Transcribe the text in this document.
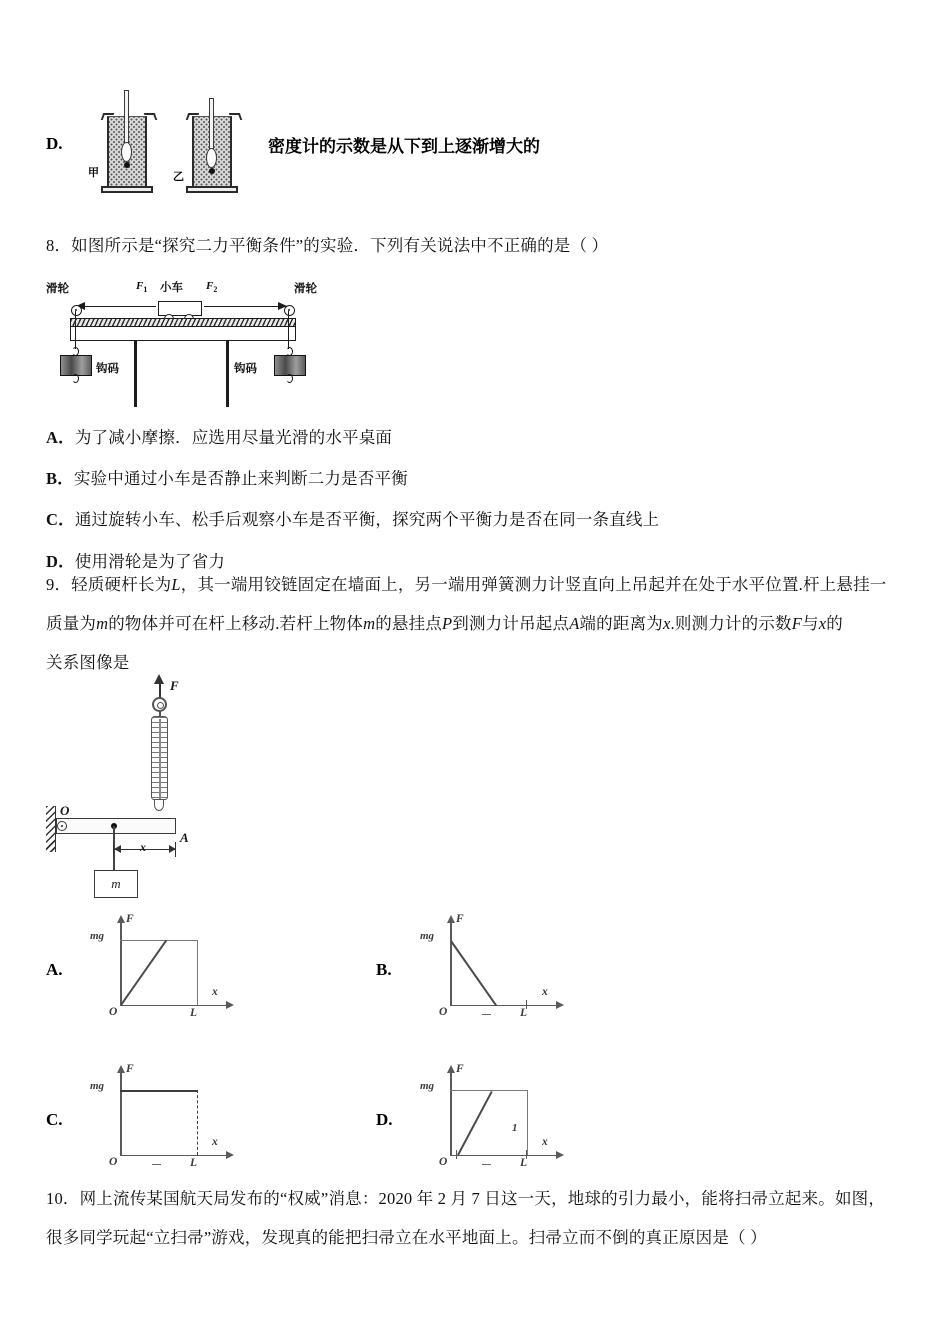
D.
甲	乙
密度计的示数是从下到上逐渐增大的
8．如图所示是“探究二力平衡条件”的实验．下列有关说法中不正确的是（ ）
滑轮	滑轮
$F_1$ 小车 $F_2$
钩码	钩码
A．为了减小摩擦．应选用尽量光滑的水平桌面
B．实验中通过小车是否静止来判断二力是否平衡
C．通过旋转小车、松手后观察小车是否平衡，探究两个平衡力是否在同一条直线上
D．使用滑轮是为了省力
9．轻质硬杆长为L，其一端用铰链固定在墙面上，另一端用弹簧测力计竖直向上吊起并在处于水平位置.杆上悬挂一
质量为m的物体并可在杆上移动.若杆上物体m的悬挂点P到测力计吊起点A端的距离为x.则测力计的示数F与x的
关系图像是
F
O
A
m
x
A.
F
x
O	L
mg
B.
F
x
O	L
mg
C.
F
x
O	L
mg
D.
F
x
O	L
mg
1
10．网上流传某国航天局发布的“权威”消息：2020 年 2 月 7 日这一天，地球的引力最小，能将扫帚立起来。如图，
很多同学玩起“立扫帚”游戏，发现真的能把扫帚立在水平地面上。扫帚立而不倒的真正原因是（ ）
